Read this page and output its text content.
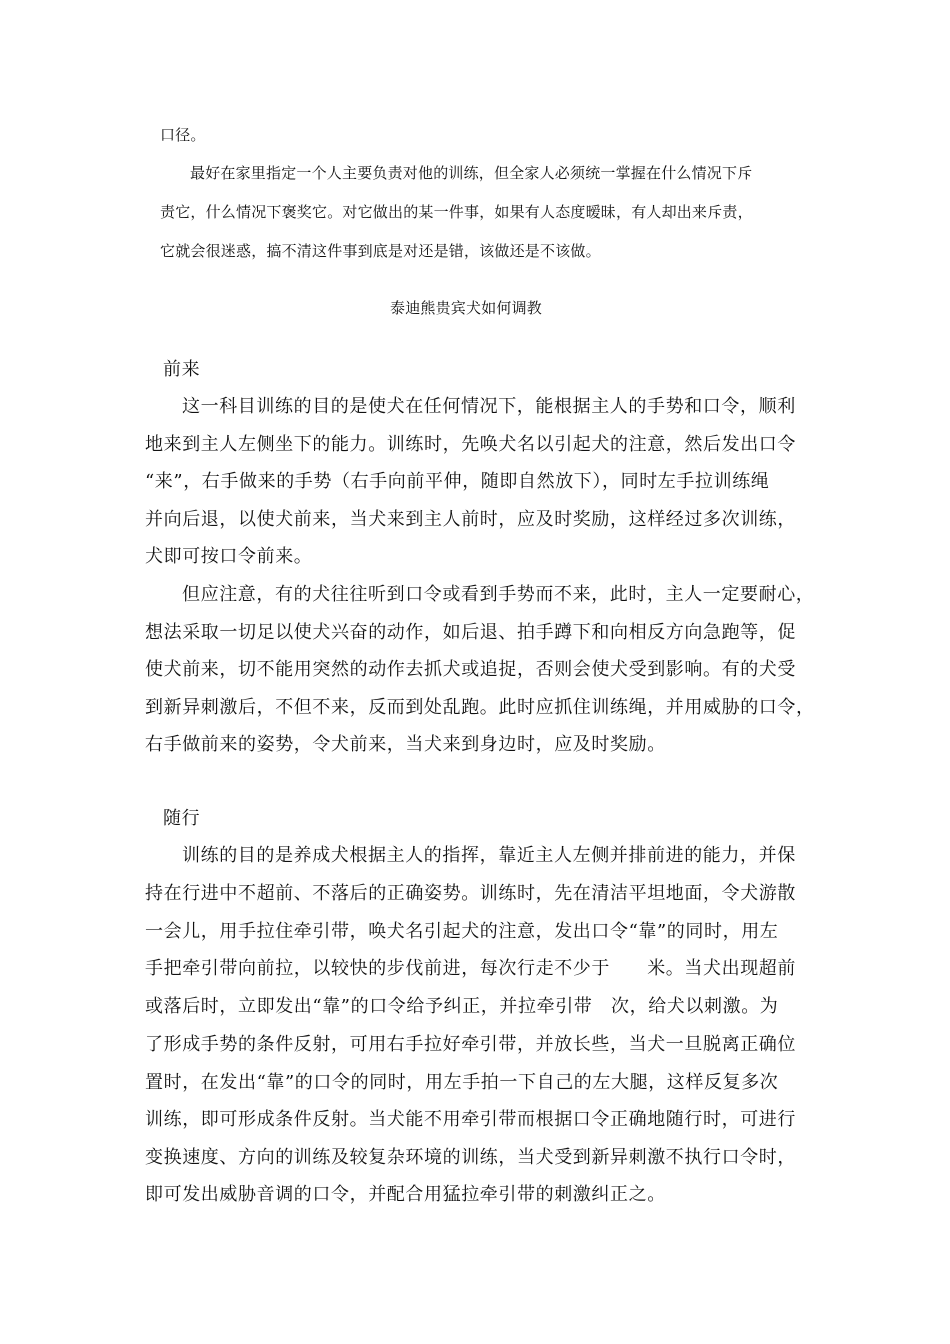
口径。
最好在家里指定一个人主要负责对他的训练，但全家人必须统一掌握在什么情况下斥
责它，什么情况下褒奖它。对它做出的某一件事，如果有人态度暧昧，有人却出来斥责，
它就会很迷惑，搞不清这件事到底是对还是错，该做还是不该做。
泰迪熊贵宾犬如何调教
前来
这一科目训练的目的是使犬在任何情况下，能根据主人的手势和口令，顺利
地来到主人左侧坐下的能力。训练时，先唤犬名以引起犬的注意，然后发出口令
“来”，右手做来的手势（右手向前平伸，随即自然放下），同时左手拉训练绳
并向后退，以使犬前来，当犬来到主人前时，应及时奖励，这样经过多次训练，
犬即可按口令前来。
但应注意，有的犬往往听到口令或看到手势而不来，此时，主人一定要耐心，
想法采取一切足以使犬兴奋的动作，如后退、拍手蹲下和向相反方向急跑等，促
使犬前来，切不能用突然的动作去抓犬或追捉，否则会使犬受到影响。有的犬受
到新异刺激后，不但不来，反而到处乱跑。此时应抓住训练绳，并用威胁的口令，
右手做前来的姿势，令犬前来，当犬来到身边时，应及时奖励。
随行
训练的目的是养成犬根据主人的指挥，靠近主人左侧并排前进的能力，并保
持在行进中不超前、不落后的正确姿势。训练时，先在清洁平坦地面，令犬游散
一会儿，用手拉住牵引带，唤犬名引起犬的注意，发出口令“靠”的同时，用左
手把牵引带向前拉，以较快的步伐前进，每次行走不少于　　米。当犬出现超前
或落后时，立即发出“靠”的口令给予纠正，并拉牵引带　次，给犬以刺激。为
了形成手势的条件反射，可用右手拉好牵引带，并放长些，当犬一旦脱离正确位
置时，在发出“靠”的口令的同时，用左手拍一下自己的左大腿，这样反复多次
训练，即可形成条件反射。当犬能不用牵引带而根据口令正确地随行时，可进行
变换速度、方向的训练及较复杂环境的训练，当犬受到新异刺激不执行口令时，
即可发出威胁音调的口令，并配合用猛拉牵引带的刺激纠正之。
